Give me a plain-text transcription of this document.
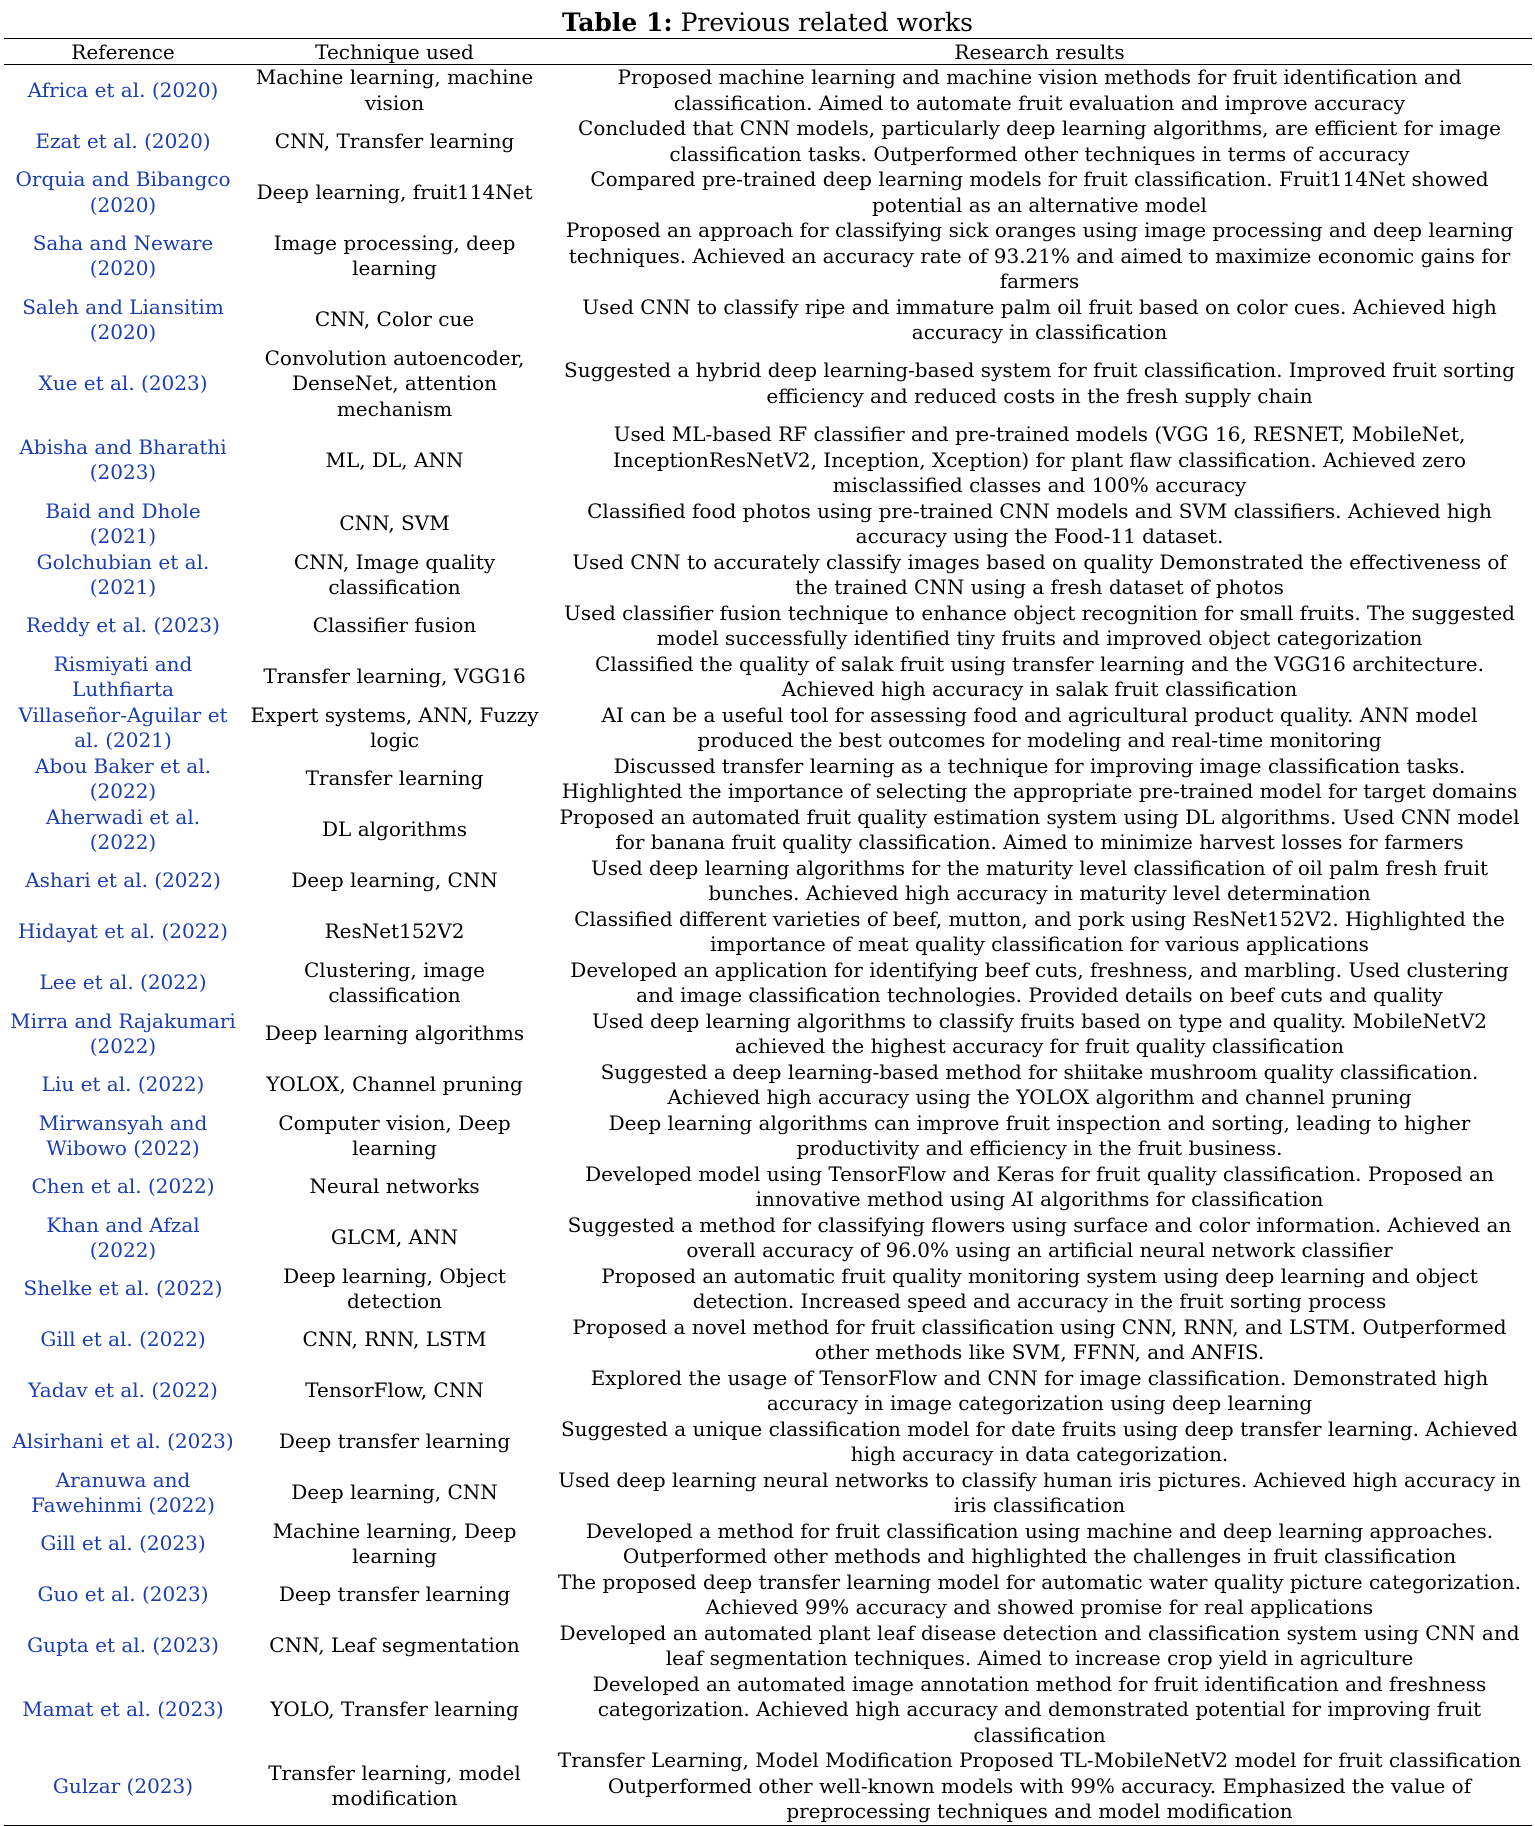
Table 1: Previous related works
Reference	Technique used	Research results
Africa et al. (2020)	Machine learning, machine vision	Proposed machine learning and machine vision methods for fruit identification and classification. Aimed to automate fruit evaluation and improve accuracy
Ezat et al. (2020)	CNN, Transfer learning	Concluded that CNN models, particularly deep learning algorithms, are efficient for image classification tasks. Outperformed other techniques in terms of accuracy
Orquia and Bibangco (2020)	Deep learning, fruit114Net	Compared pre-trained deep learning models for fruit classification. Fruit114Net showed potential as an alternative model
Saha and Neware (2020)	Image processing, deep learning	Proposed an approach for classifying sick oranges using image processing and deep learning techniques. Achieved an accuracy rate of 93.21% and aimed to maximize economic gains for farmers
Saleh and Liansitim (2020)	CNN, Color cue	Used CNN to classify ripe and immature palm oil fruit based on color cues. Achieved high accuracy in classification
Xue et al. (2023)	Convolution autoencoder, DenseNet, attention mechanism	Suggested a hybrid deep learning-based system for fruit classification. Improved fruit sorting efficiency and reduced costs in the fresh supply chain
Abisha and Bharathi (2023)	ML, DL, ANN	Used ML-based RF classifier and pre-trained models (VGG 16, RESNET, MobileNet, InceptionResNetV2, Inception, Xception) for plant flaw classification. Achieved zero misclassified classes and 100% accuracy
Baid and Dhole (2021)	CNN, SVM	Classified food photos using pre-trained CNN models and SVM classifiers. Achieved high accuracy using the Food-11 dataset.
Golchubian et al. (2021)	CNN, Image quality classification	Used CNN to accurately classify images based on quality Demonstrated the effectiveness of the trained CNN using a fresh dataset of photos
Reddy et al. (2023)	Classifier fusion	Used classifier fusion technique to enhance object recognition for small fruits. The suggested model successfully identified tiny fruits and improved object categorization
Rismiyati and Luthfiarta	Transfer learning, VGG16	Classified the quality of salak fruit using transfer learning and the VGG16 architecture. Achieved high accuracy in salak fruit classification
Villaseñor-Aguilar et al. (2021)	Expert systems, ANN, Fuzzy logic	AI can be a useful tool for assessing food and agricultural product quality. ANN model produced the best outcomes for modeling and real-time monitoring
Abou Baker et al. (2022)	Transfer learning	Discussed transfer learning as a technique for improving image classification tasks. Highlighted the importance of selecting the appropriate pre-trained model for target domains
Aherwadi et al. (2022)	DL algorithms	Proposed an automated fruit quality estimation system using DL algorithms. Used CNN model for banana fruit quality classification. Aimed to minimize harvest losses for farmers
Ashari et al. (2022)	Deep learning, CNN	Used deep learning algorithms for the maturity level classification of oil palm fresh fruit bunches. Achieved high accuracy in maturity level determination
Hidayat et al. (2022)	ResNet152V2	Classified different varieties of beef, mutton, and pork using ResNet152V2. Highlighted the importance of meat quality classification for various applications
Lee et al. (2022)	Clustering, image classification	Developed an application for identifying beef cuts, freshness, and marbling. Used clustering and image classification technologies. Provided details on beef cuts and quality
Mirra and Rajakumari (2022)	Deep learning algorithms	Used deep learning algorithms to classify fruits based on type and quality. MobileNetV2 achieved the highest accuracy for fruit quality classification
Liu et al. (2022)	YOLOX, Channel pruning	Suggested a deep learning-based method for shiitake mushroom quality classification. Achieved high accuracy using the YOLOX algorithm and channel pruning
Mirwansyah and Wibowo (2022)	Computer vision, Deep learning	Deep learning algorithms can improve fruit inspection and sorting, leading to higher productivity and efficiency in the fruit business.
Chen et al. (2022)	Neural networks	Developed model using TensorFlow and Keras for fruit quality classification. Proposed an innovative method using AI algorithms for classification
Khan and Afzal (2022)	GLCM, ANN	Suggested a method for classifying flowers using surface and color information. Achieved an overall accuracy of 96.0% using an artificial neural network classifier
Shelke et al. (2022)	Deep learning, Object detection	Proposed an automatic fruit quality monitoring system using deep learning and object detection. Increased speed and accuracy in the fruit sorting process
Gill et al. (2022)	CNN, RNN, LSTM	Proposed a novel method for fruit classification using CNN, RNN, and LSTM. Outperformed other methods like SVM, FFNN, and ANFIS.
Yadav et al. (2022)	TensorFlow, CNN	Explored the usage of TensorFlow and CNN for image classification. Demonstrated high accuracy in image categorization using deep learning
Alsirhani et al. (2023)	Deep transfer learning	Suggested a unique classification model for date fruits using deep transfer learning. Achieved high accuracy in data categorization.
Aranuwa and Fawehinmi (2022)	Deep learning, CNN	Used deep learning neural networks to classify human iris pictures. Achieved high accuracy in iris classification
Gill et al. (2023)	Machine learning, Deep learning	Developed a method for fruit classification using machine and deep learning approaches. Outperformed other methods and highlighted the challenges in fruit classification
Guo et al. (2023)	Deep transfer learning	The proposed deep transfer learning model for automatic water quality picture categorization. Achieved 99% accuracy and showed promise for real applications
Gupta et al. (2023)	CNN, Leaf segmentation	Developed an automated plant leaf disease detection and classification system using CNN and leaf segmentation techniques. Aimed to increase crop yield in agriculture
Mamat et al. (2023)	YOLO, Transfer learning	Developed an automated image annotation method for fruit identification and freshness categorization. Achieved high accuracy and demonstrated potential for improving fruit classification
Gulzar (2023)	Transfer learning, model modification	Transfer Learning, Model Modification Proposed TL-MobileNetV2 model for fruit classification Outperformed other well-known models with 99% accuracy. Emphasized the value of preprocessing techniques and model modification
